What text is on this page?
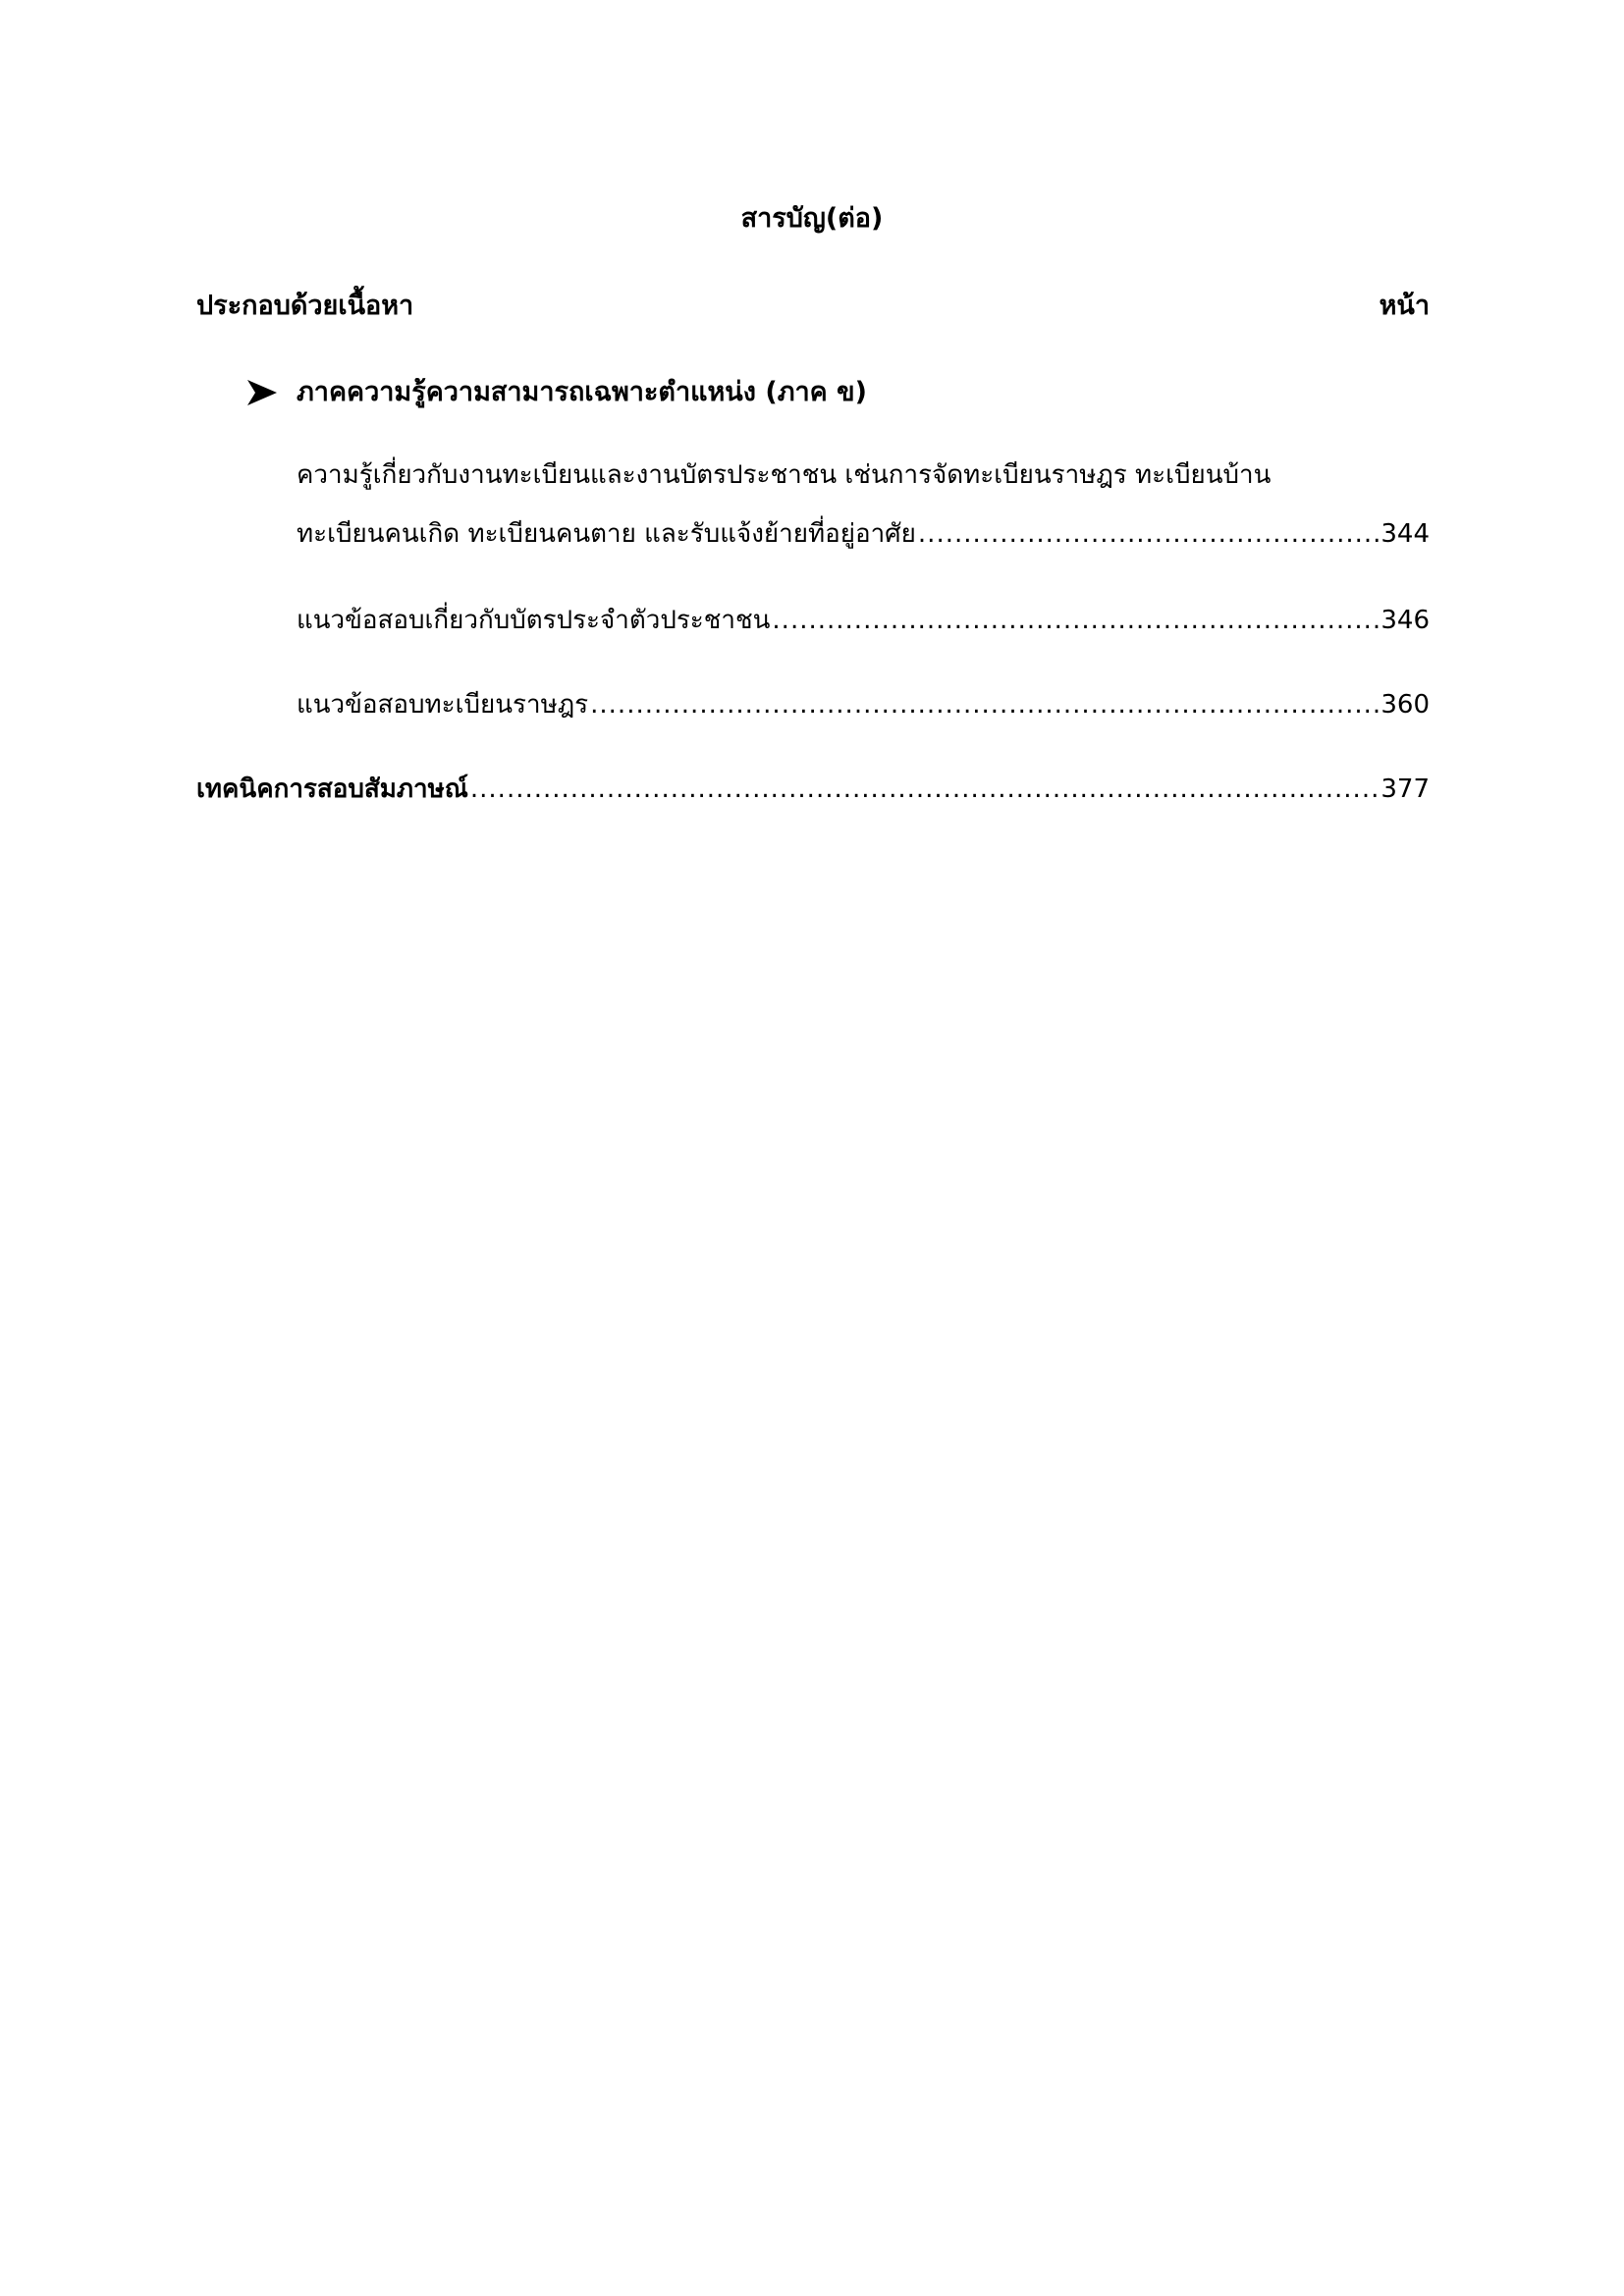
สารบัญ(ต่อ)
ประกอบด้วยเนื้อหา	หน้า
ภาคความรู้ความสามารถเฉพาะตำแหน่ง (ภาค ข)
ความรู้เกี่ยวกับงานทะเบียนและงานบัตรประชาชน เช่นการจัดทะเบียนราษฎร ทะเบียนบ้าน
ทะเบียนคนเกิด ทะเบียนคนตาย และรับแจ้งย้ายที่อยู่อาศัย .....	344
แนวข้อสอบเกี่ยวกับบัตรประจำตัวประชาชน .....	346
แนวข้อสอบทะเบียนราษฎร .....	360
เทคนิคการสอบสัมภาษณ์ .....	377
